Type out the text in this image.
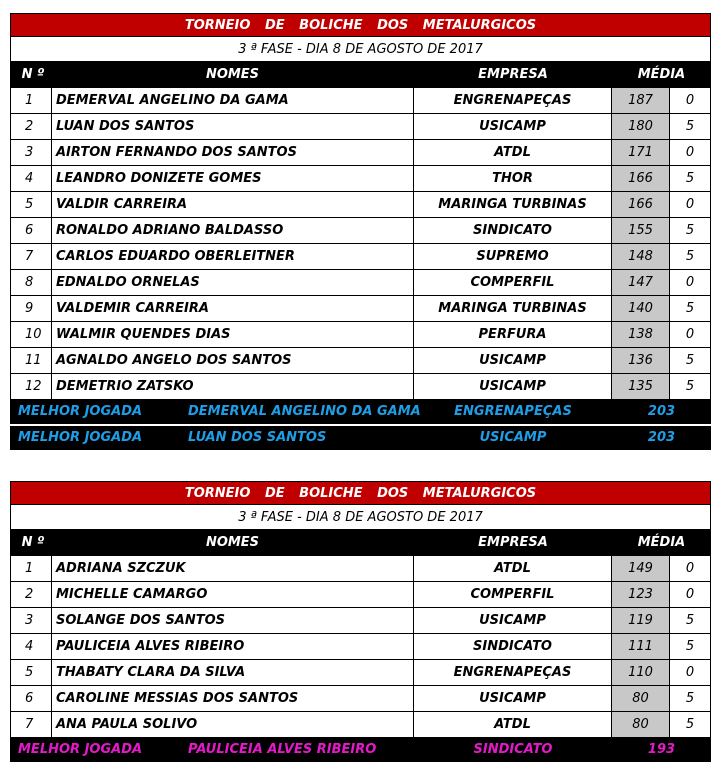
TORNEIO DE BOLICHE DOS METALURGICOS
3 ª FASE - DIA 8 DE AGOSTO DE 2017
N º	NOMES	EMPRESA	MÉDIA
1	DEMERVAL ANGELINO DA GAMA	ENGRENAPEÇAS	187	0
2	LUAN DOS SANTOS	USICAMP	180	5
3	AIRTON FERNANDO DOS SANTOS	ATDL	171	0
4	LEANDRO DONIZETE GOMES	THOR	166	5
5	VALDIR CARREIRA	MARINGA TURBINAS	166	0
6	RONALDO ADRIANO BALDASSO	SINDICATO	155	5
7	CARLOS EDUARDO OBERLEITNER	SUPREMO	148	5
8	EDNALDO ORNELAS	COMPERFIL	147	0
9	VALDEMIR CARREIRA	MARINGA TURBINAS	140	5
10	WALMIR QUENDES DIAS	PERFURA	138	0
11	AGNALDO ANGELO DOS SANTOS	USICAMP	136	5
12	DEMETRIO ZATSKO	USICAMP	135	5
MELHOR JOGADA	DEMERVAL ANGELINO DA GAMA	ENGRENAPEÇAS	203
MELHOR JOGADA	LUAN DOS SANTOS	USICAMP	203
TORNEIO DE BOLICHE DOS METALURGICOS
3 ª FASE - DIA 8 DE AGOSTO DE 2017
N º	NOMES	EMPRESA	MÉDIA
1	ADRIANA SZCZUK	ATDL	149	0
2	MICHELLE CAMARGO	COMPERFIL	123	0
3	SOLANGE DOS SANTOS	USICAMP	119	5
4	PAULICEIA ALVES RIBEIRO	SINDICATO	111	5
5	THABATY CLARA DA SILVA	ENGRENAPEÇAS	110	0
6	CAROLINE MESSIAS DOS SANTOS	USICAMP	80	5
7	ANA PAULA SOLIVO	ATDL	80	5
MELHOR JOGADA	PAULICEIA ALVES RIBEIRO	SINDICATO	193
